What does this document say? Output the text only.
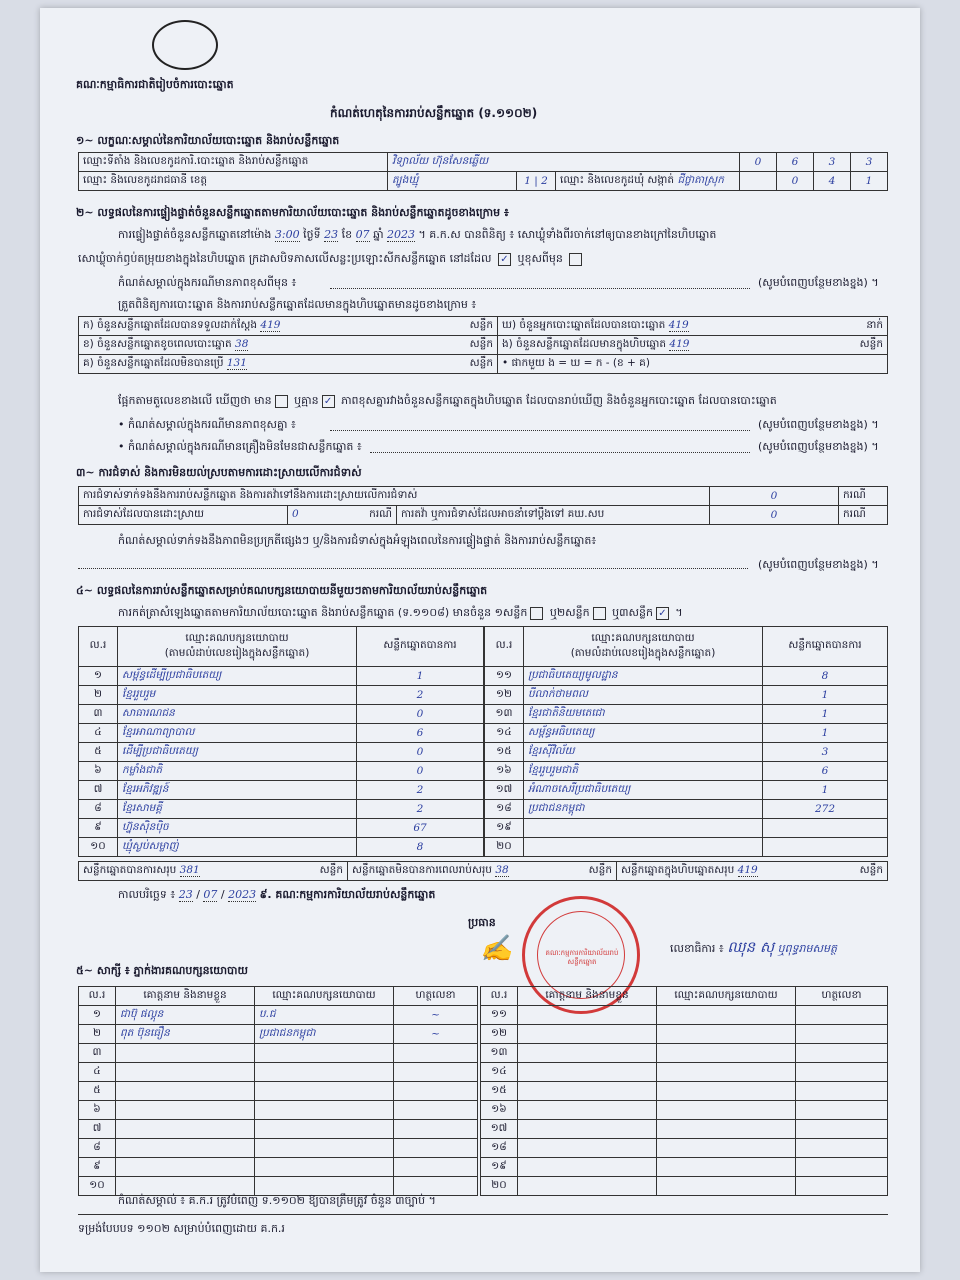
គណៈកម្មាធិការជាតិរៀបចំការបោះឆ្នោត
កំណត់ហេតុនៃការរាប់សន្លឹកឆ្នោត (ទ.១១០២)
១~ លក្ខណៈសម្គាល់នៃការិយាល័យបោះឆ្នោត និងរាប់សន្លឹកឆ្នោត
ឈ្មោះទីតាំង និងលេខកូដការិ.បោះឆ្នោត និងរាប់សន្លឹកឆ្នោត	វិទ្យាល័យ ហ៊ុនសែនឆ្លើយ			0	6	3	3
ឈ្មោះ និងលេខកូដរាជធានី ខេត្ត	ត្បូងឃ្មុំ	1 | 2	ឈ្មោះ និងលេខកូដឃុំ សង្កាត់ ជីថ្លាតាស្រុក		0	4	1
២~ លទ្ធផលនៃការផ្ទៀងផ្ទាត់ចំនួនសន្លឹកឆ្នោតតាមការិយាល័យបោះឆ្នោត និងរាប់សន្លឹកឆ្នោតដូចខាងក្រោម ៖
ការផ្ទៀងផ្ទាត់ចំនួនសន្លឹកឆ្នោតនៅម៉ោង 3:00 ថ្ងៃទី 23 ខែ 07 ឆ្នាំ 2023 ។ គ.ក.ស បានពិនិត្យ ៖ សោឃ្លុំទាំងពីរចាក់នៅឲ្យបានខាងក្រៅនៃហិបឆ្នោត
សោឃ្លុំចាក់ឭប់តម្រុយខាងក្នុងនៃហិបឆ្នោត ក្រដាសបិទភាសលើសន្លះប្រឡោះសីកសន្លឹកឆ្នោត នៅដដែល ✓ ឬខុសពីមុន
កំណត់សម្គាល់ក្នុងករណីមានភាពខុសពីមុន ៖	(សូមបំពេញបន្ថែមខាងខ្នង) ។
ត្រួតពិនិត្យការបោះឆ្នោត និងការរាប់សន្លឹកឆ្នោតដែលមានក្នុងហិបឆ្នោតមានដូចខាងក្រោម ៖
ក) ចំនួនសន្លឹកឆ្នោតដែលបានទទួលដាក់ស្តែង 419 សន្លឹក	ឃ) ចំនួនអ្នកបោះឆ្នោតដែលបានបោះឆ្នោត 419 នាក់

ខ) ចំនួនសន្លឹកឆ្នោតខូចពេលបោះឆ្នោត 38 សន្លឹក	ង) ចំនួនសន្លឹកឆ្នោតដែលមានក្នុងហិបឆ្នោត 419 សន្លឹក

គ) ចំនួនសន្លឹកឆ្នោតដែលមិនបានប្រើ 131 សន្លឹក	• ផាកមួយ ង = ឃ = ក - (ខ + គ)
ផ្អែកតាមតួលេខខាងលើ ឃើញថា មាន ឬគ្មាន ✓ ភាពខុសគ្នារវាងចំនួនសន្លឹកឆ្នោតក្នុងហិបឆ្នោត ដែលបានរាប់ឃើញ និងចំនួនអ្នកបោះឆ្នោត ដែលបានបោះឆ្នោត
• កំណត់សម្គាល់ក្នុងករណីមានភាពខុសគ្នា ៖	(សូមបំពេញបន្ថែមខាងខ្នង) ។
• កំណត់សម្គាល់ក្នុងករណីមានគ្រឿងមិនមែនជាសន្លឹកឆ្នោត ៖	(សូមបំពេញបន្ថែមខាងខ្នង) ។
៣~ ការជំទាស់ និងការមិនយល់ស្របតាមការដោះស្រាយលើការជំទាស់
ការជំទាស់ទាក់ទងនឹងការរាប់សន្លឹកឆ្នោត និងការតវ៉ាទៅនឹងការដោះស្រាយលើការជំទាស់			0	ករណី
ការជំទាស់ដែលបានដោះស្រាយ	0 ករណី	ការតវ៉ា ឬការជំទាស់ដែលអាចនាំទៅប្តឹងទៅ គឃ.សប	0	ករណី
កំណត់សម្គាល់ទាក់ទងនឹងភាពមិនប្រក្រតីផ្សេងៗ ឬ/និងការជំទាស់ក្នុងអំឡុងពេលនៃការផ្ទៀងផ្ទាត់ និងការរាប់សន្លឹកឆ្នោត៖
(សូមបំពេញបន្ថែមខាងខ្នង) ។
៤~ លទ្ធផលនៃការរាប់សន្លឹកឆ្នោតសម្រាប់គណបក្សនយោបាយនីមួយៗតាមការិយាល័យរាប់សន្លឹកឆ្នោត
ការកត់ត្រាសំឡេងឆ្នោតតាមការិយាល័យបោះឆ្នោត និងរាប់សន្លឹកឆ្នោត (ទ.១១០៨) មានចំនួន ១សន្លឹក ឬ២សន្លឹក ឬ៣សន្លឹក ✓ ។
ល.រ	ឈ្មោះគណបក្សនយោបាយ
(តាមលំដាប់លេខរៀងក្នុងសន្លឹកឆ្នោត)	សន្លឹកឆ្នោតបានការ
១	សម្ព័ន្ធដើម្បីប្រជាធិបតេយ្យ	1
២	ខ្មែររួបរួម	2
៣	សាធារណជន	0
៤	ខ្មែរអាណាព្យាបាល	6
៥	ដើម្បីប្រជាធិបតេយ្យ	0
៦	កម្លាំងជាតិ	0
៧	ខ្មែរអភិវឌ្ឍន៍	2
៨	ខ្មែរសាមគ្គី	2
៩	ហ្វ៊ុនស៊ិនប៉ិច	67
១០	ឃ្មុំស្ងប់សម្លាញ់	8
ល.រ	ឈ្មោះគណបក្សនយោបាយ
(តាមលំដាប់លេខរៀងក្នុងសន្លឹកឆ្នោត)	សន្លឹកឆ្នោតបានការ
១១	ប្រជាធិបតេយ្យមូលដ្ឋាន	8
១២	បីលាក់ថាមពល	1
១៣	ខ្មែរជាតិនិយមតេជោ	1
១៤	សម្ព័ន្ធអធិបតេយ្យ	1
១៥	ខ្មែរស៊ីវិល័យ	3
១៦	ខ្មែររួបរួមជាតិ	6
១៧	អំណាចសេរីប្រជាធិបតេយ្យ	1
១៨	ប្រជាជនកម្ពុជា	272
១៩		
២០		
សន្លឹកឆ្នោតបានការសរុប 381	សន្លឹក	សន្លឹកឆ្នោតមិនបានការពេលរាប់សរុប 38	សន្លឹក	សន្លឹកឆ្នោតក្នុងហិបឆ្នោតសរុប 419	សន្លឹក
កាលបរិច្ឆេទ ៖ 23 / 07 / 2023 ៩. គណៈកម្មការការិយាល័យរាប់សន្លឹកឆ្នោត
ប្រធាន
✍	គណៈកម្មការការិយាល័យរាប់សន្លឹកឆ្នោត
លេខាធិការ ៖ ឈុន សុ ឬពុទ្ធរាមសមត្ថ
៥~ សាក្សី ៖ ភ្នាក់ងារគណបក្សនយោបាយ
ល.រ	គោត្តនាម និងនាមខ្លួន	ឈ្មោះគណបក្សនយោបាយ	ហត្ថលេខា
១	ជាប៊ុ ផល្គុន	ប.ជ	~
២	ពុត ប៊ុនធឿន	ប្រជាជនកម្ពុជា	~
៣			
៤			
៥			
៦			
៧			
៨			
៩			
១០			
ល.រ	គោត្តនាម និងនាមខ្លួន	ឈ្មោះគណបក្សនយោបាយ	ហត្ថលេខា
១១			
១២			
១៣			
១៤			
១៥			
១៦			
១៧			
១៨			
១៩			
២០			
កំណត់សម្គាល់ ៖ គ.ក.រ ត្រូវបំពេញ ទ.១១០២ ឱ្យបានត្រឹមត្រូវ ចំនួន ៣ច្បាប់ ។
ទម្រង់បែបបទ ១១០២ សម្រាប់បំពេញដោយ គ.ក.រ
